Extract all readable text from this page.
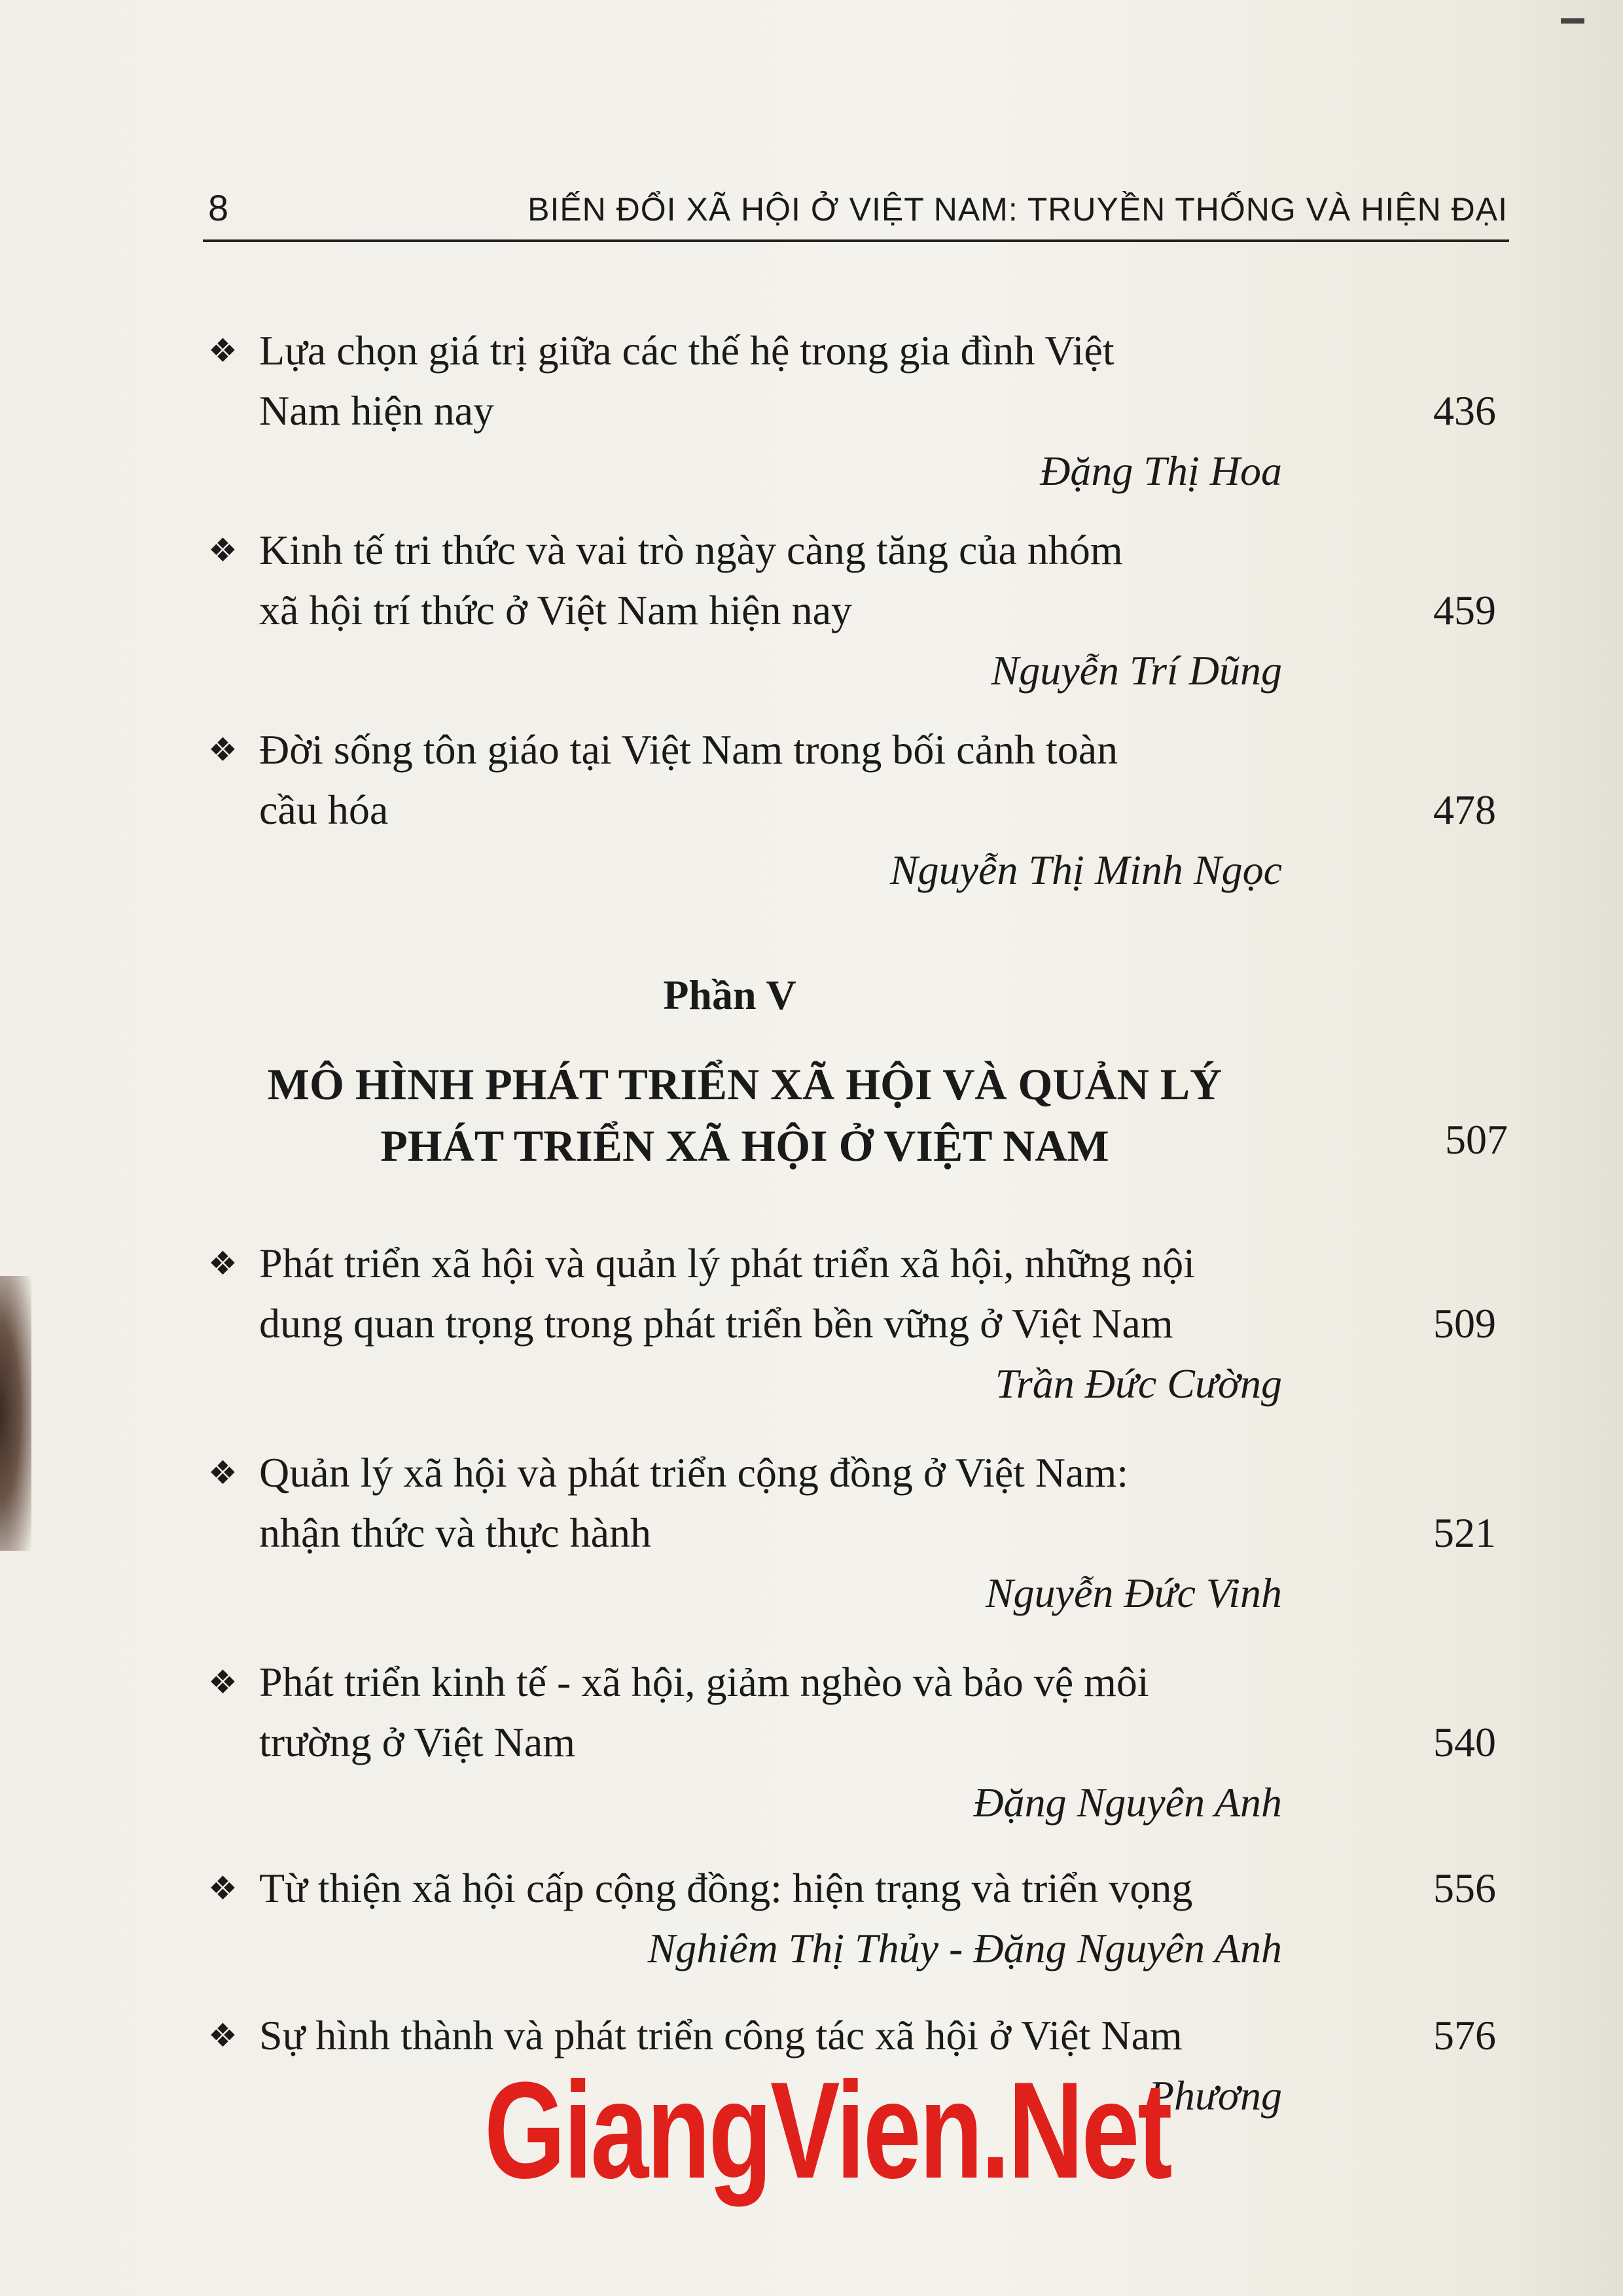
8	BIẾN ĐỔI XÃ HỘI Ở VIỆT NAM: TRUYỀN THỐNG VÀ HIỆN ĐẠI
❖ Lựa chọn giá trị giữa các thế hệ trong gia đình Việt
Nam hiện nay	436
Đặng Thị Hoa
❖ Kinh tế tri thức và vai trò ngày càng tăng của nhóm
xã hội trí thức ở Việt Nam hiện nay	459
Nguyễn Trí Dũng
❖ Đời sống tôn giáo tại Việt Nam trong bối cảnh toàn
cầu hóa	478
Nguyễn Thị Minh Ngọc
Phần V
MÔ HÌNH PHÁT TRIỂN XÃ HỘI VÀ QUẢN LÝ
PHÁT TRIỂN XÃ HỘI Ở VIỆT NAM	507
❖ Phát triển xã hội và quản lý phát triển xã hội, những nội
dung quan trọng trong phát triển bền vững ở Việt Nam	509
Trần Đức Cường
❖ Quản lý xã hội và phát triển cộng đồng ở Việt Nam:
nhận thức và thực hành	521
Nguyễn Đức Vinh
❖ Phát triển kinh tế - xã hội, giảm nghèo và bảo vệ môi
trường ở Việt Nam	540
Đặng Nguyên Anh
❖ Từ thiện xã hội cấp cộng đồng: hiện trạng và triển vọng	556
Nghiêm Thị Thủy - Đặng Nguyên Anh
❖ Sự hình thành và phát triển công tác xã hội ở Việt Nam	576
Phương
GiangVien.Net
